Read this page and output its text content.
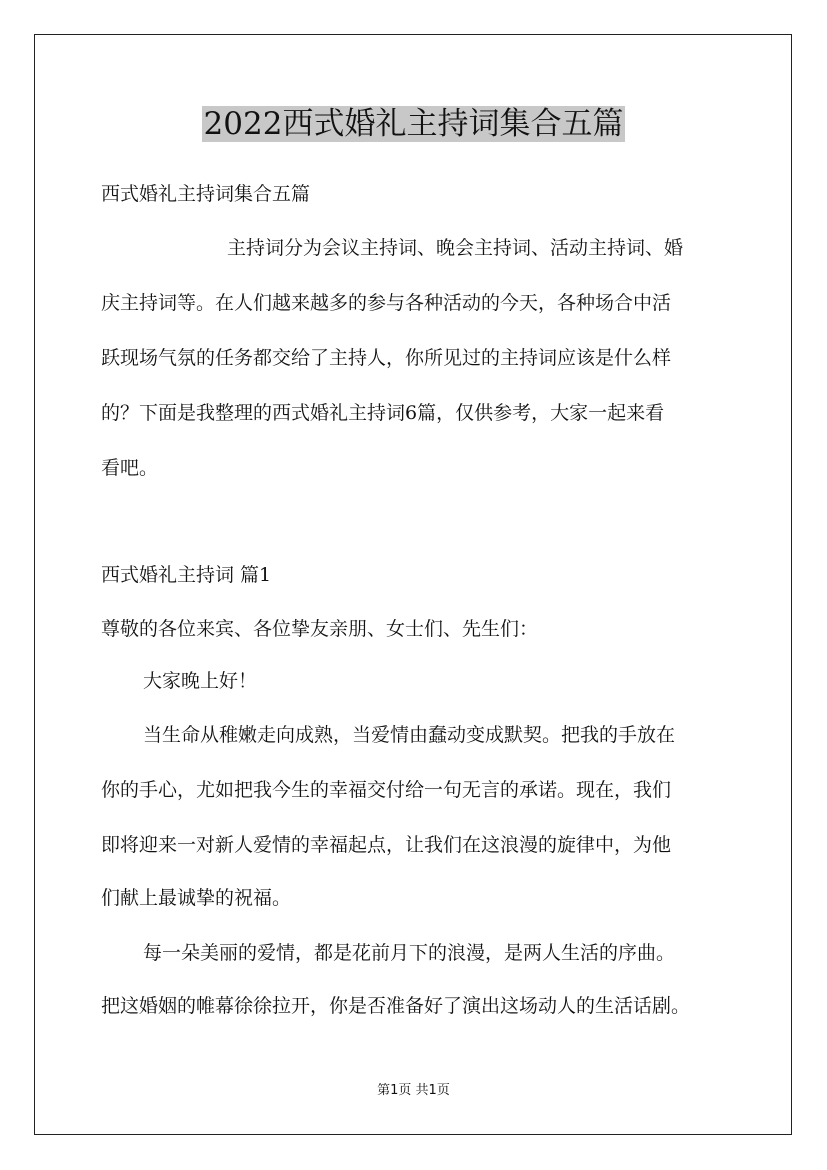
2022西式婚礼主持词集合五篇
西式婚礼主持词集合五篇
主持词分为会议主持词、晚会主持词、活动主持词、婚
庆主持词等。在人们越来越多的参与各种活动的今天，各种场合中活
跃现场气氛的任务都交给了主持人，你所见过的主持词应该是什么样
的？下面是我整理的西式婚礼主持词6篇，仅供参考，大家一起来看
看吧。
西式婚礼主持词 篇1
尊敬的各位来宾、各位挚友亲朋、女士们、先生们：
大家晚上好！
当生命从稚嫩走向成熟，当爱情由蠢动变成默契。把我的手放在
你的手心，尤如把我今生的幸福交付给一句无言的承诺。现在，我们
即将迎来一对新人爱情的幸福起点，让我们在这浪漫的旋律中，为他
们献上最诚挚的祝福。
每一朵美丽的爱情，都是花前月下的浪漫，是两人生活的序曲。
把这婚姻的帷幕徐徐拉开，你是否准备好了演出这场动人的生活话剧。
第1页 共1页
